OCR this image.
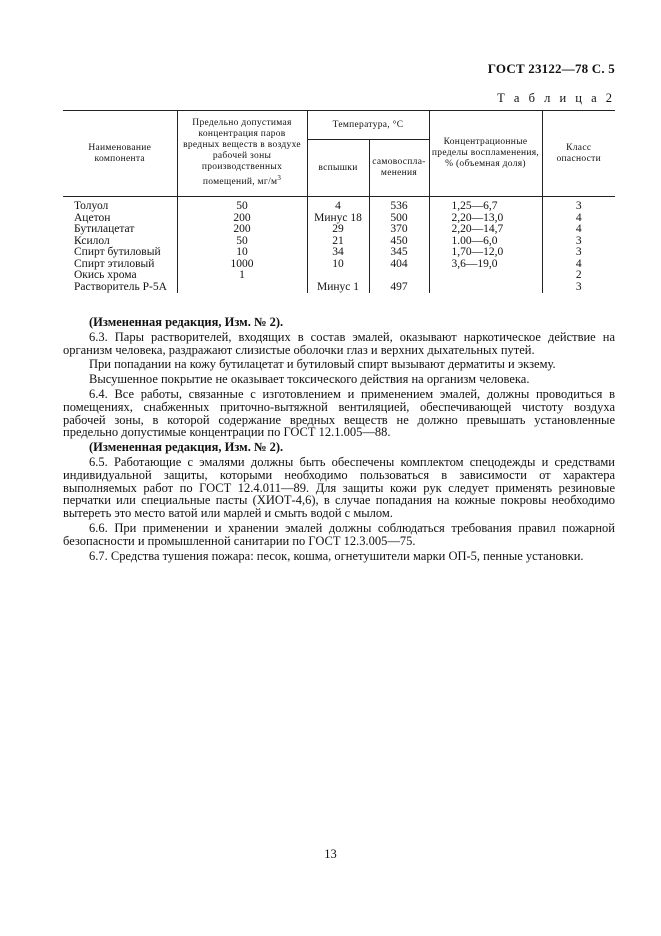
ГОСТ 23122—78 С. 5
Т а б л и ц а 2
Наименование компонента	Предельно допустимая концентрация паров вредных веществ в воздухе рабочей зоны производственных помещений, $мг/м^3$	Температура, °С		Концентрационные пределы воспламенения, % (объемная доля)	Класс опасности
		вспышки	самовоспла-менения		
Толуол	50	4	536	1,25—6,7	3
Ацетон	200	Минус 18	500	2,20—13,0	4
Бутилацетат	200	29	370	2,20—14,7	4
Ксилол	50	21	450	1.00—6,0	3
Спирт бутиловый	10	34	345	1,70—12,0	3
Спирт этиловый	1000	10	404	3,6—19,0	4
Окись хрома	1				2
Растворитель Р-5А		Минус 1	497		3

(Измененная редакция, Изм. № 2).

6.3. Пары растворителей, входящих в состав эмалей, оказывают наркотическое действие на организм человека, раздражают слизистые оболочки глаз и верхних дыхательных путей.

При попадании на кожу бутилацетат и бутиловый спирт вызывают дерматиты и экзему.

Высушенное покрытие не оказывает токсического действия на организм человека.

6.4. Все работы, связанные с изготовлением и применением эмалей, должны проводиться в помещениях, снабженных приточно-вытяжной вентиляцией, обеспечивающей чистоту воздуха рабочей зоны, в которой содержание вредных веществ не должно превышать установленные предельно допустимые концентрации по ГОСТ 12.1.005—88.

(Измененная редакция, Изм. № 2).

6.5. Работающие с эмалями должны быть обеспечены комплектом спецодежды и средствами индивидуальной защиты, которыми необходимо пользоваться в зависимости от характера выполняемых работ по ГОСТ 12.4.011—89. Для защиты кожи рук следует применять резиновые перчатки или специальные пасты (ХИОТ-4,6), в случае попадания на кожные покровы необходимо вытереть это место ватой или марлей и смыть водой с мылом.

6.6. При применении и хранении эмалей должны соблюдаться требования правил пожарной безопасности и промышленной санитарии по ГОСТ 12.3.005—75.

6.7. Средства тушения пожара: песок, кошма, огнетушители марки ОП-5, пенные установки.

13
